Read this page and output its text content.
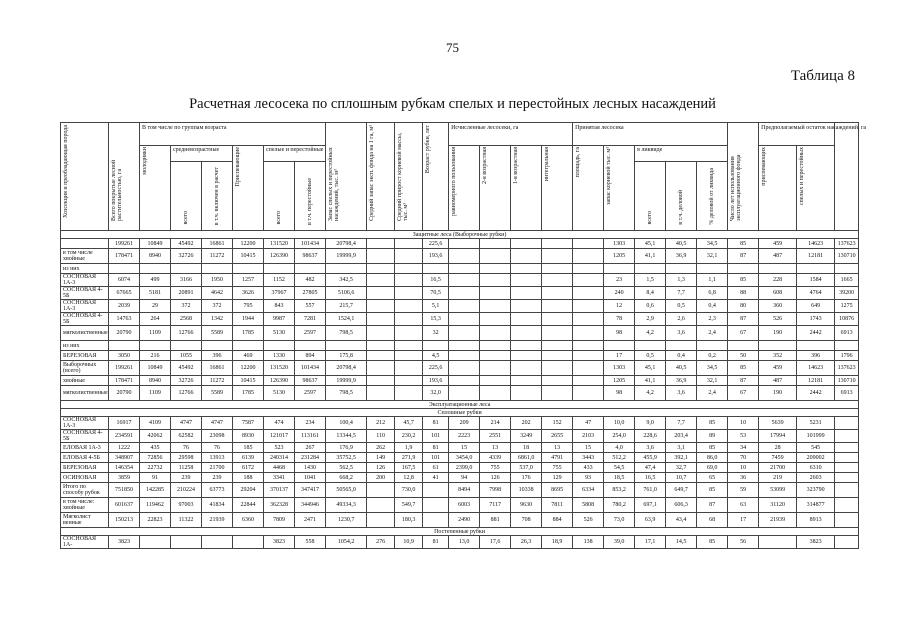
75
Таблица 8
Расчетная лесосека по сплошным рубкам спелых и перестойных лесных насаждений
Хозсекция и преобладающая порода	Всего покрытые лесной растительностью, га	В том числе по группам возраста						Запас спелых и перестойных насаждений, тыс. м³	Средний запас эксп. фонда на 1 га, м³	Средний прирост корневой массы, тыс. м³	Возраст рубки, лет	Исчисленные лесосеки, га				Принятая лесосека					Число лет использования эксплуатационного фонда	Предполагаемый остаток насаждений, га		
		молодняки	средневозрастные		Приспевающие	спелые и перестойные						равномерного пользования	2-я возрастная	1-я возрастная	интегральная	площадь, га	запас корневой тыс. м³	в ликвиде				приспевающих	спелых и перестойных	
			всего	в т.ч. включен в расчет		всего	в т.ч. перестойные											всего	в т.ч. деловой	% деловой от ликвида				
Защитные леса (Выборочные рубки)																								
	199261	10849	45492	16861	12200	131520	101434	20798,4			225,6						1303	45,1	40,5	34,5	85	459	14623	137623
в том числе хвойные	178471	8940	32726	11272	10415	126390	98637	19999,9			193,6						1205	41,1	36,9	32,1	87	487	12181	130710
из них																								
СОСНОВАЯ 1А-3	6074	499	3166	1950	1257	1152	482	342,5			16,5						23	1,5	1,3	1,1	85	228	1584	1665
СОСНОВАЯ 4-5Б	67665	5181	20891	4642	3626	37967	27805	5106,6			70,5						240	8,4	7,7	6,8	88	608	4764	39200
СОСНОВАЯ 1А-3	2039	29	372	372	795	843	557	215,7			5,1						12	0,6	0,5	0,4	80	360	649	1275
СОСНОВАЯ 4-5Б	14763	264	2568	1342	1944	9987	7281	1524,1			15,3						78	2,9	2,6	2,3	87	526	1743	10876
мягколиственные	20790	1109	12766	5589	1785	5130	2597	798,5			32						98	4,2	3,6	2,4	67	190	2442	6913
из них																								
БЕРЕЗОВАЯ	3050	216	1055	396	469	1330	894	175,8			4,5						17	0,5	0,4	0,2	50	352	396	1796
Выборочных (всего)	199261	10849	45492	16861	12200	131520	101434	20798,4			225,6						1303	45,1	40,5	34,5	85	459	14623	137623
хвойные	178471	8940	32726	11272	10415	126390	98637	19999,9			193,6						1205	41,1	36,9	32,1	87	487	12181	130710
мягколиственные	20790	1109	12766	5589	1785	5130	2597	798,5			32,0						98	4,2	3,6	2,4	67	190	2442	6913
Эксплуатационные леса																								
Сплошные рубки																								
СОСНОВАЯ 1А-3	16917	4109	4747	4747	7587	474	234	100,4	212	45,7	81	209	214	202	152	47	10,0	9,0	7,7	85	10	5639	5231	
СОСНОВАЯ 4-5Б	234591	42062	62582	23098	8930	121017	113161	13344,5	110	230,2	101	2223	2551	3249	2655	2103	254,0	228,6	203,4	89	53	17994	101999	
ЕЛОВАЯ 1А-3	1222	435	76	76	185	523	267	176,9	262	1,9	81	15	13	18	13	15	4,0	3,6	3,1	85	34	28	545	
ЕЛОВАЯ 4-5Б	348907	72856	29598	13913	6139	240314	231284	35752,5	149	271,9	101	3454,0	4339	6861,0	4791	3443	512,2	455,9	392,1	86,0	70	7459	209002	
БЕРЕЗОВАЯ	146354	22732	11258	21700	6172	4468	1430	562,5	126	167,5	61	2399,0	755	537,0	755	433	54,5	47,4	32,7	69,0	10	21700	6310	
ОСИНОВАЯ	3859	91	239	239	188	3341	1041	668,2	200	12,8	41	94	126	176	129	93	18,5	16,5	10,7	65	36	219	2603	
Итого по способу рубок	751850	142285	210224	63773	29204	370137	347417	50565,0		730,0		8494	7998	10338	8695	6334	853,2	761,0	649,7	85	59	53099	323790	
в том числе: хвойные	601637	119462	97003	41834	22844	362328	344946	49334,3		549,7		6003	7117	9630	7811	5808	780,2	697,1	606,3	87	63	31120	314877	
Мягколист венные	150213	22823	11322	21939	6360	7809	2471	1230,7		180,3		2490	881	708	884	526	73,0	63,9	43,4	68	17	21939	8913	
Постепенные рубки																								
СОСНОВАЯ 1А-	3823					3823	558	1054,2	276	10,9	81	13,0	17,6	26,3	18,9	138	39,0	17,1	14,5	85	56		3823	
